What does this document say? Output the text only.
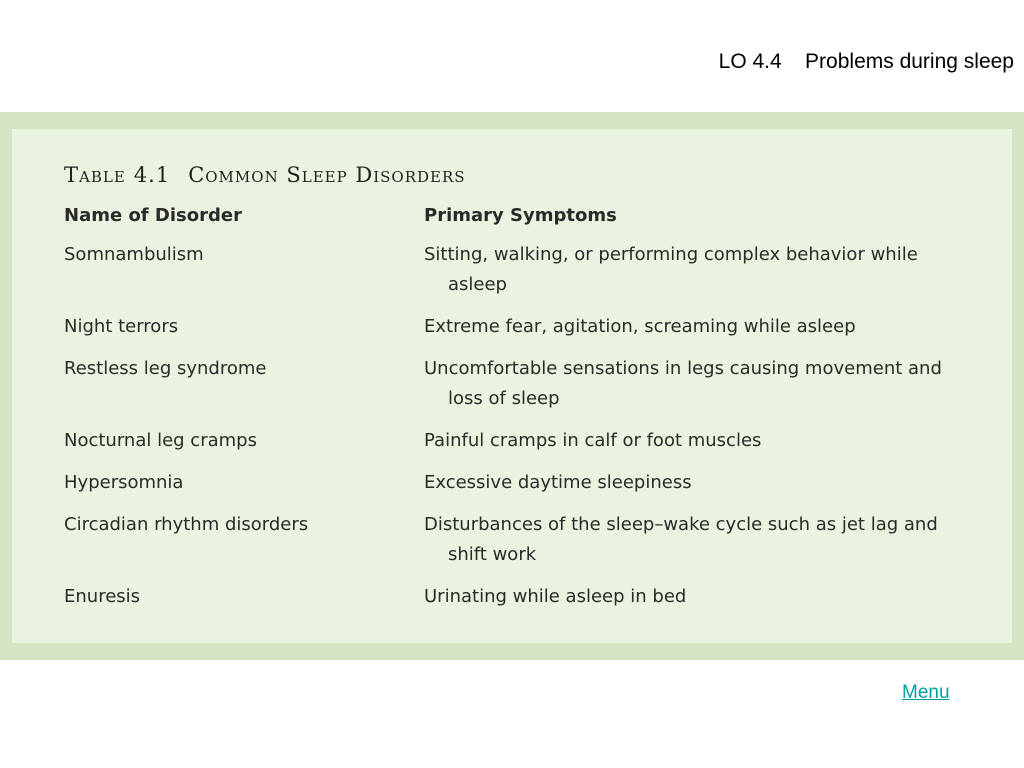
LO 4.4 Problems during sleep
Table 4.1 Common Sleep Disorders
Name of Disorder	Primary Symptoms
Somnambulism	Sitting, walking, or performing complex behavior while asleep

Night terrors	Extreme fear, agitation, screaming while asleep

Restless leg syndrome	Uncomfortable sensations in legs causing movement and loss of sleep

Nocturnal leg cramps	Painful cramps in calf or foot muscles

Hypersomnia	Excessive daytime sleepiness

Circadian rhythm disorders	Disturbances of the sleep–wake cycle such as jet lag and shift work

Enuresis	Urinating while asleep in bed
Menu
